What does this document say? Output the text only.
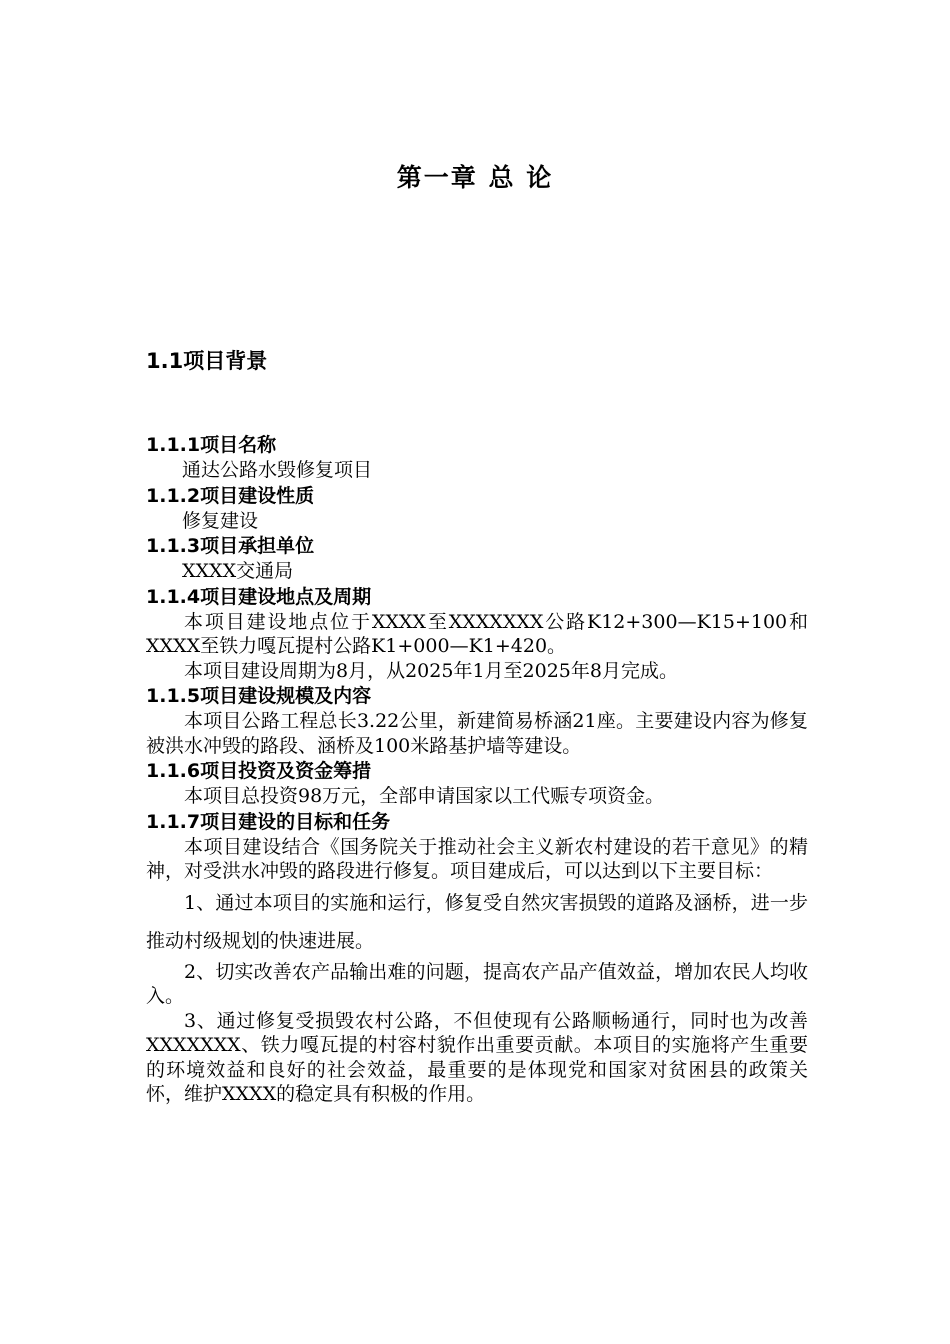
第一章 总 论
1.1项目背景
1.1.1项目名称

通达公路水毁修复项目

1.1.2项目建设性质

修复建设

1.1.3项目承担单位

XXXX交通局

1.1.4项目建设地点及周期

本项目建设地点位于XXXX至XXXXXXX公路K12+300—K15+100和XXXX至铁力嘎瓦提村公路K1+000—K1+420。

本项目建设周期为8月，从2025年1月至2025年8月完成。

1.1.5项目建设规模及内容

本项目公路工程总长3.22公里，新建简易桥涵21座。主要建设内容为修复被洪水冲毁的路段、涵桥及100米路基护墙等建设。

1.1.6项目投资及资金筹措

本项目总投资98万元，全部申请国家以工代赈专项资金。

1.1.7项目建设的目标和任务

本项目建设结合《国务院关于推动社会主义新农村建设的若干意见》的精神，对受洪水冲毁的路段进行修复。项目建成后，可以达到以下主要目标：

1、通过本项目的实施和运行，修复受自然灾害损毁的道路及涵桥，进一步推动村级规划的快速进展。

2、切实改善农产品输出难的问题，提高农产品产值效益，增加农民人均收入。

3、通过修复受损毁农村公路，不但使现有公路顺畅通行，同时也为改善XXXXXXX、铁力嘎瓦提的村容村貌作出重要贡献。本项目的实施将产生重要的环境效益和良好的社会效益，最重要的是体现党和国家对贫困县的政策关怀，维护XXXX的稳定具有积极的作用。
